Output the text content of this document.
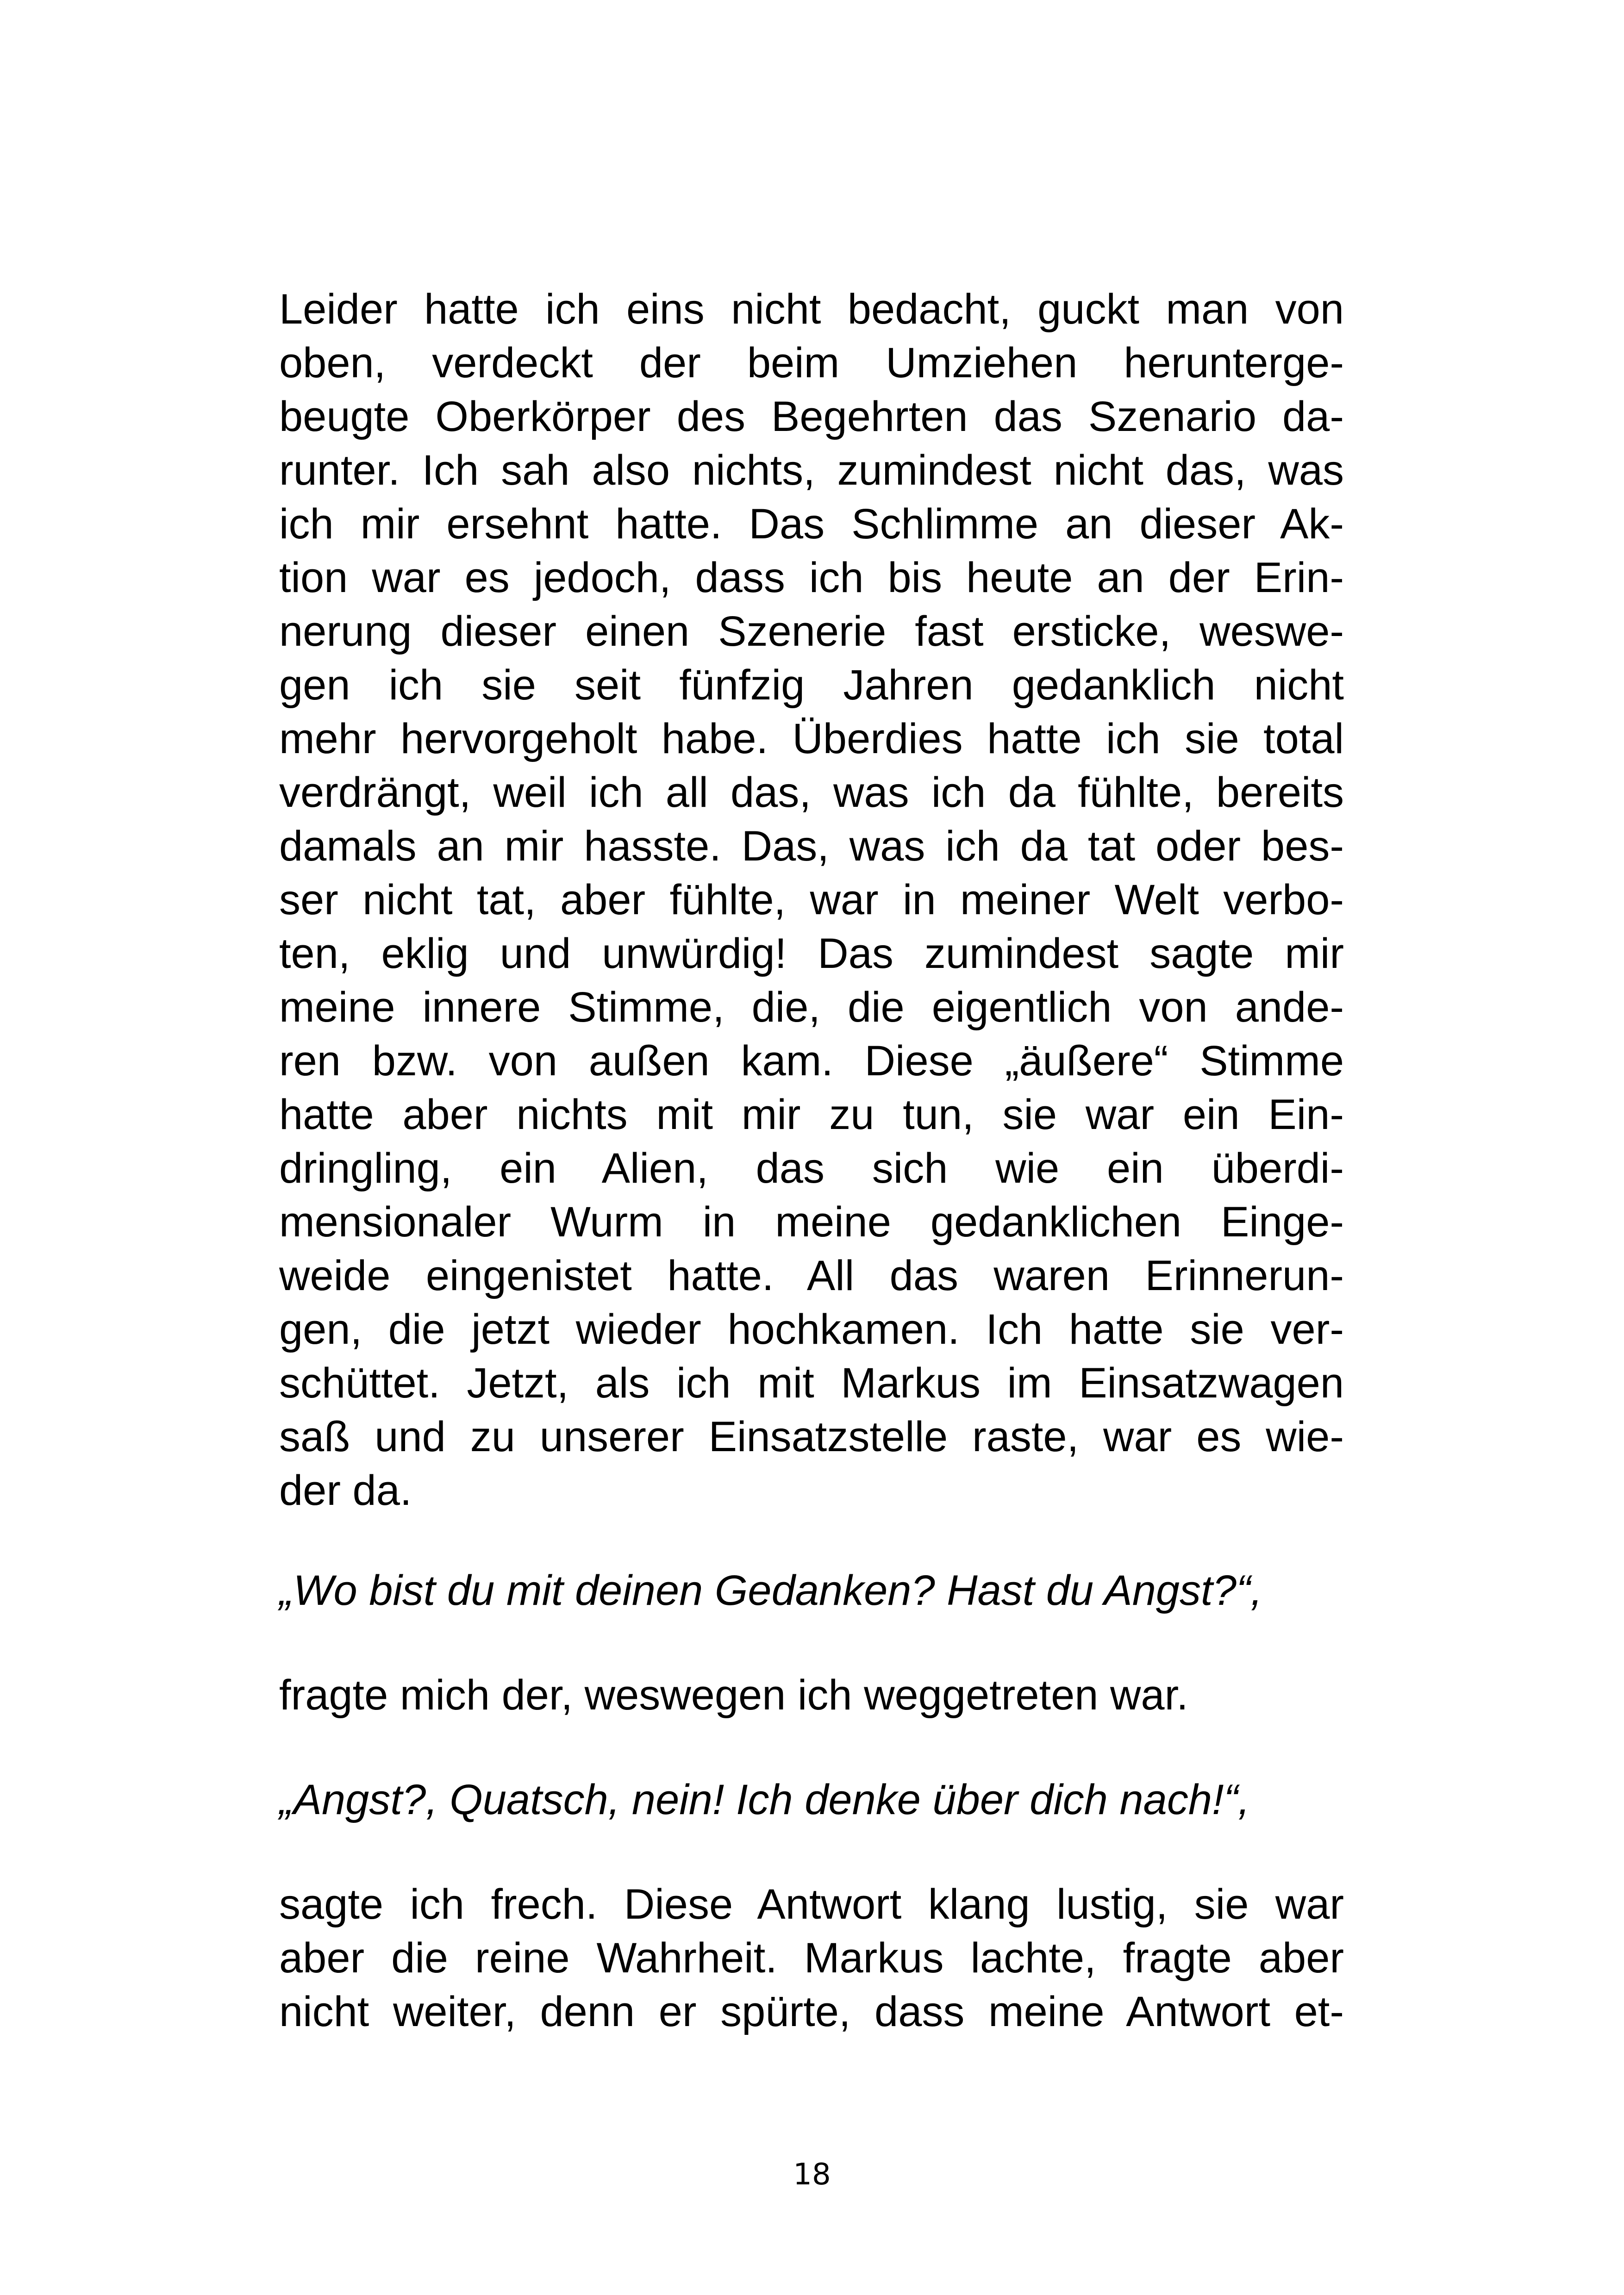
Leider hatte ich eins nicht bedacht, guckt man von

oben, verdeckt der beim Umziehen herunterge-

beugte Oberkörper des Begehrten das Szenario da-

runter. Ich sah also nichts, zumindest nicht das, was

ich mir ersehnt hatte. Das Schlimme an dieser Ak-

tion war es jedoch, dass ich bis heute an der Erin-

nerung dieser einen Szenerie fast ersticke, weswe-

gen ich sie seit fünfzig Jahren gedanklich nicht

mehr hervorgeholt habe. Überdies hatte ich sie total

verdrängt, weil ich all das, was ich da fühlte, bereits

damals an mir hasste. Das, was ich da tat oder bes-

ser nicht tat, aber fühlte, war in meiner Welt verbo-

ten, eklig und unwürdig! Das zumindest sagte mir

meine innere Stimme, die, die eigentlich von ande-

ren bzw. von außen kam. Diese „äußere“ Stimme

hatte aber nichts mit mir zu tun, sie war ein Ein-

dringling, ein Alien, das sich wie ein überdi-

mensionaler Wurm in meine gedanklichen Einge-

weide eingenistet hatte. All das waren Erinnerun-

gen, die jetzt wieder hochkamen. Ich hatte sie ver-

schüttet. Jetzt, als ich mit Markus im Einsatzwagen

saß und zu unserer Einsatzstelle raste, war es wie-

der da.

„Wo bist du mit deinen Gedanken? Hast du Angst?“,

fragte mich der, weswegen ich weggetreten war.

„Angst?, Quatsch, nein! Ich denke über dich nach!“,

sagte ich frech. Diese Antwort klang lustig, sie war

aber die reine Wahrheit. Markus lachte, fragte aber

nicht weiter, denn er spürte, dass meine Antwort et-

18
